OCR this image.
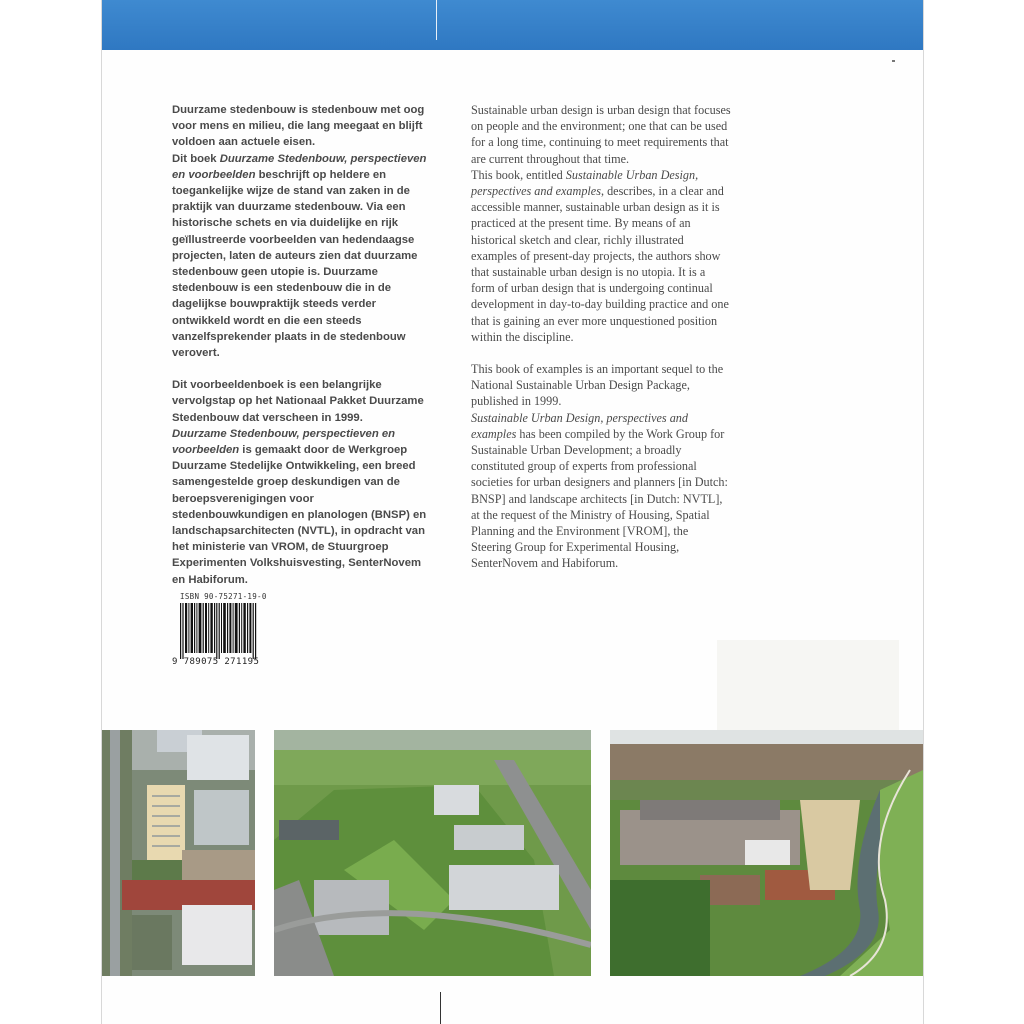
Duurzame stedenbouw is stedenbouw met oog voor mens en milieu, die lang meegaat en blijft voldoen aan actuele eisen.

Dit boek Duurzame Stedenbouw, perspectieven en voorbeelden beschrijft op heldere en toegankelijke wijze de stand van zaken in de praktijk van duurzame stedenbouw. Via een historische schets en via duidelijke en rijk geïllustreerde voorbeelden van hedendaagse projecten, laten de auteurs zien dat duurzame stedenbouw geen utopie is. Duurzame stedenbouw is een stedenbouw die in de dagelijkse bouwpraktijk steeds verder ontwikkeld wordt en die een steeds vanzelfsprekender plaats in de stedenbouw verovert.

Dit voorbeeldenboek is een belangrijke vervolgstap op het Nationaal Pakket Duurzame Stedenbouw dat verscheen in 1999.

Duurzame Stedenbouw, perspectieven en voorbeelden is gemaakt door de Werkgroep Duurzame Stedelijke Ontwikkeling, een breed samengestelde groep deskundigen van de beroepsverenigingen voor stedenbouwkundigen en planologen (BNSP) en landschapsarchitecten (NVTL), in opdracht van het ministerie van VROM, de Stuurgroep Experimenten Volkshuisvesting, SenterNovem en Habiforum.

Sustainable urban design is urban design that focuses on people and the environment; one that can be used for a long time, continuing to meet requirements that are current throughout that time.

This book, entitled Sustainable Urban Design, perspectives and examples, describes, in a clear and accessible manner, sustainable urban design as it is practiced at the present time. By means of an historical sketch and clear, richly illustrated examples of present-day projects, the authors show that sustainable urban design is no utopia. It is a form of urban design that is undergoing continual development in day-to-day building practice and one that is gaining an ever more unquestioned position within the discipline.

This book of examples is an important sequel to the National Sustainable Urban Design Package, published in 1999.

Sustainable Urban Design, perspectives and examples has been compiled by the Work Group for Sustainable Urban Development; a broadly constituted group of experts from professional societies for urban designers and planners [in Dutch: BNSP] and landscape architects [in Dutch: NVTL], at the request of the Ministry of Housing, Spatial Planning and the Environment [VROM], the Steering Group for Experimental Housing, SenterNovem and Habiforum.

ISBN 90-75271-19-0
9 789075 271195
